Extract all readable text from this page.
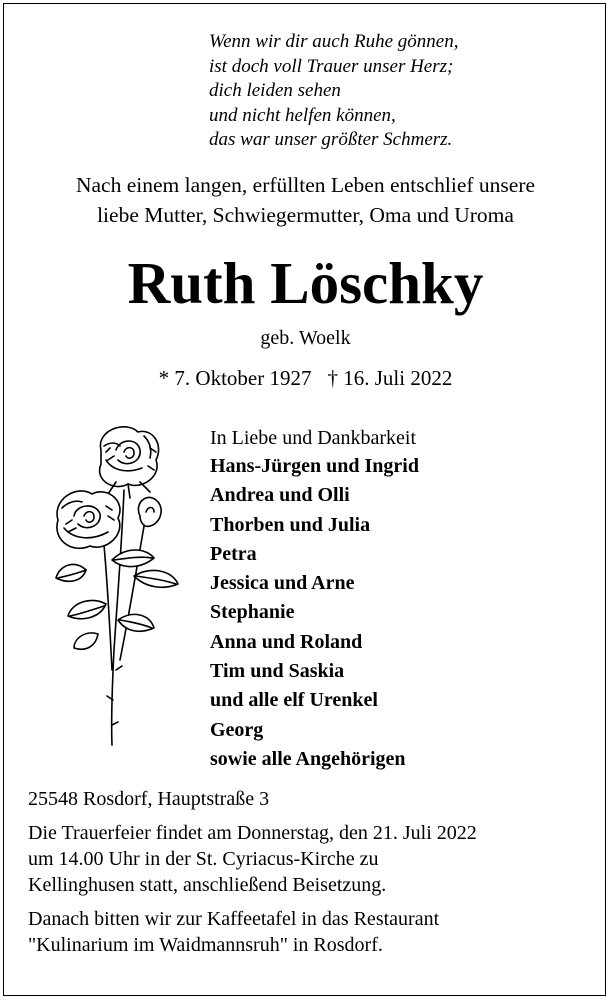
Wenn wir dir auch Ruhe gönnen,
ist doch voll Trauer unser Herz;
dich leiden sehen
und nicht helfen können,
das war unser größter Schmerz.
Nach einem langen, erfüllten Leben entschlief unsere
liebe Mutter, Schwiegermutter, Oma und Uroma
Ruth Löschky
geb. Woelk
* 7. Oktober 1927 † 16. Juli 2022
In Liebe und Dankbarkeit
Hans-Jürgen und Ingrid
Andrea und Olli
Thorben und Julia
Petra
Jessica und Arne
Stephanie
Anna und Roland
Tim und Saskia
und alle elf Urenkel
Georg
sowie alle Angehörigen
25548 Rosdorf, Hauptstraße 3
Die Trauerfeier findet am Donnerstag, den 21. Juli 2022
um 14.00 Uhr in der St. Cyriacus-Kirche zu
Kellinghusen statt, anschließend Beisetzung.
Danach bitten wir zur Kaffeetafel in das Restaurant
"Kulinarium im Waidmannsruh" in Rosdorf.
